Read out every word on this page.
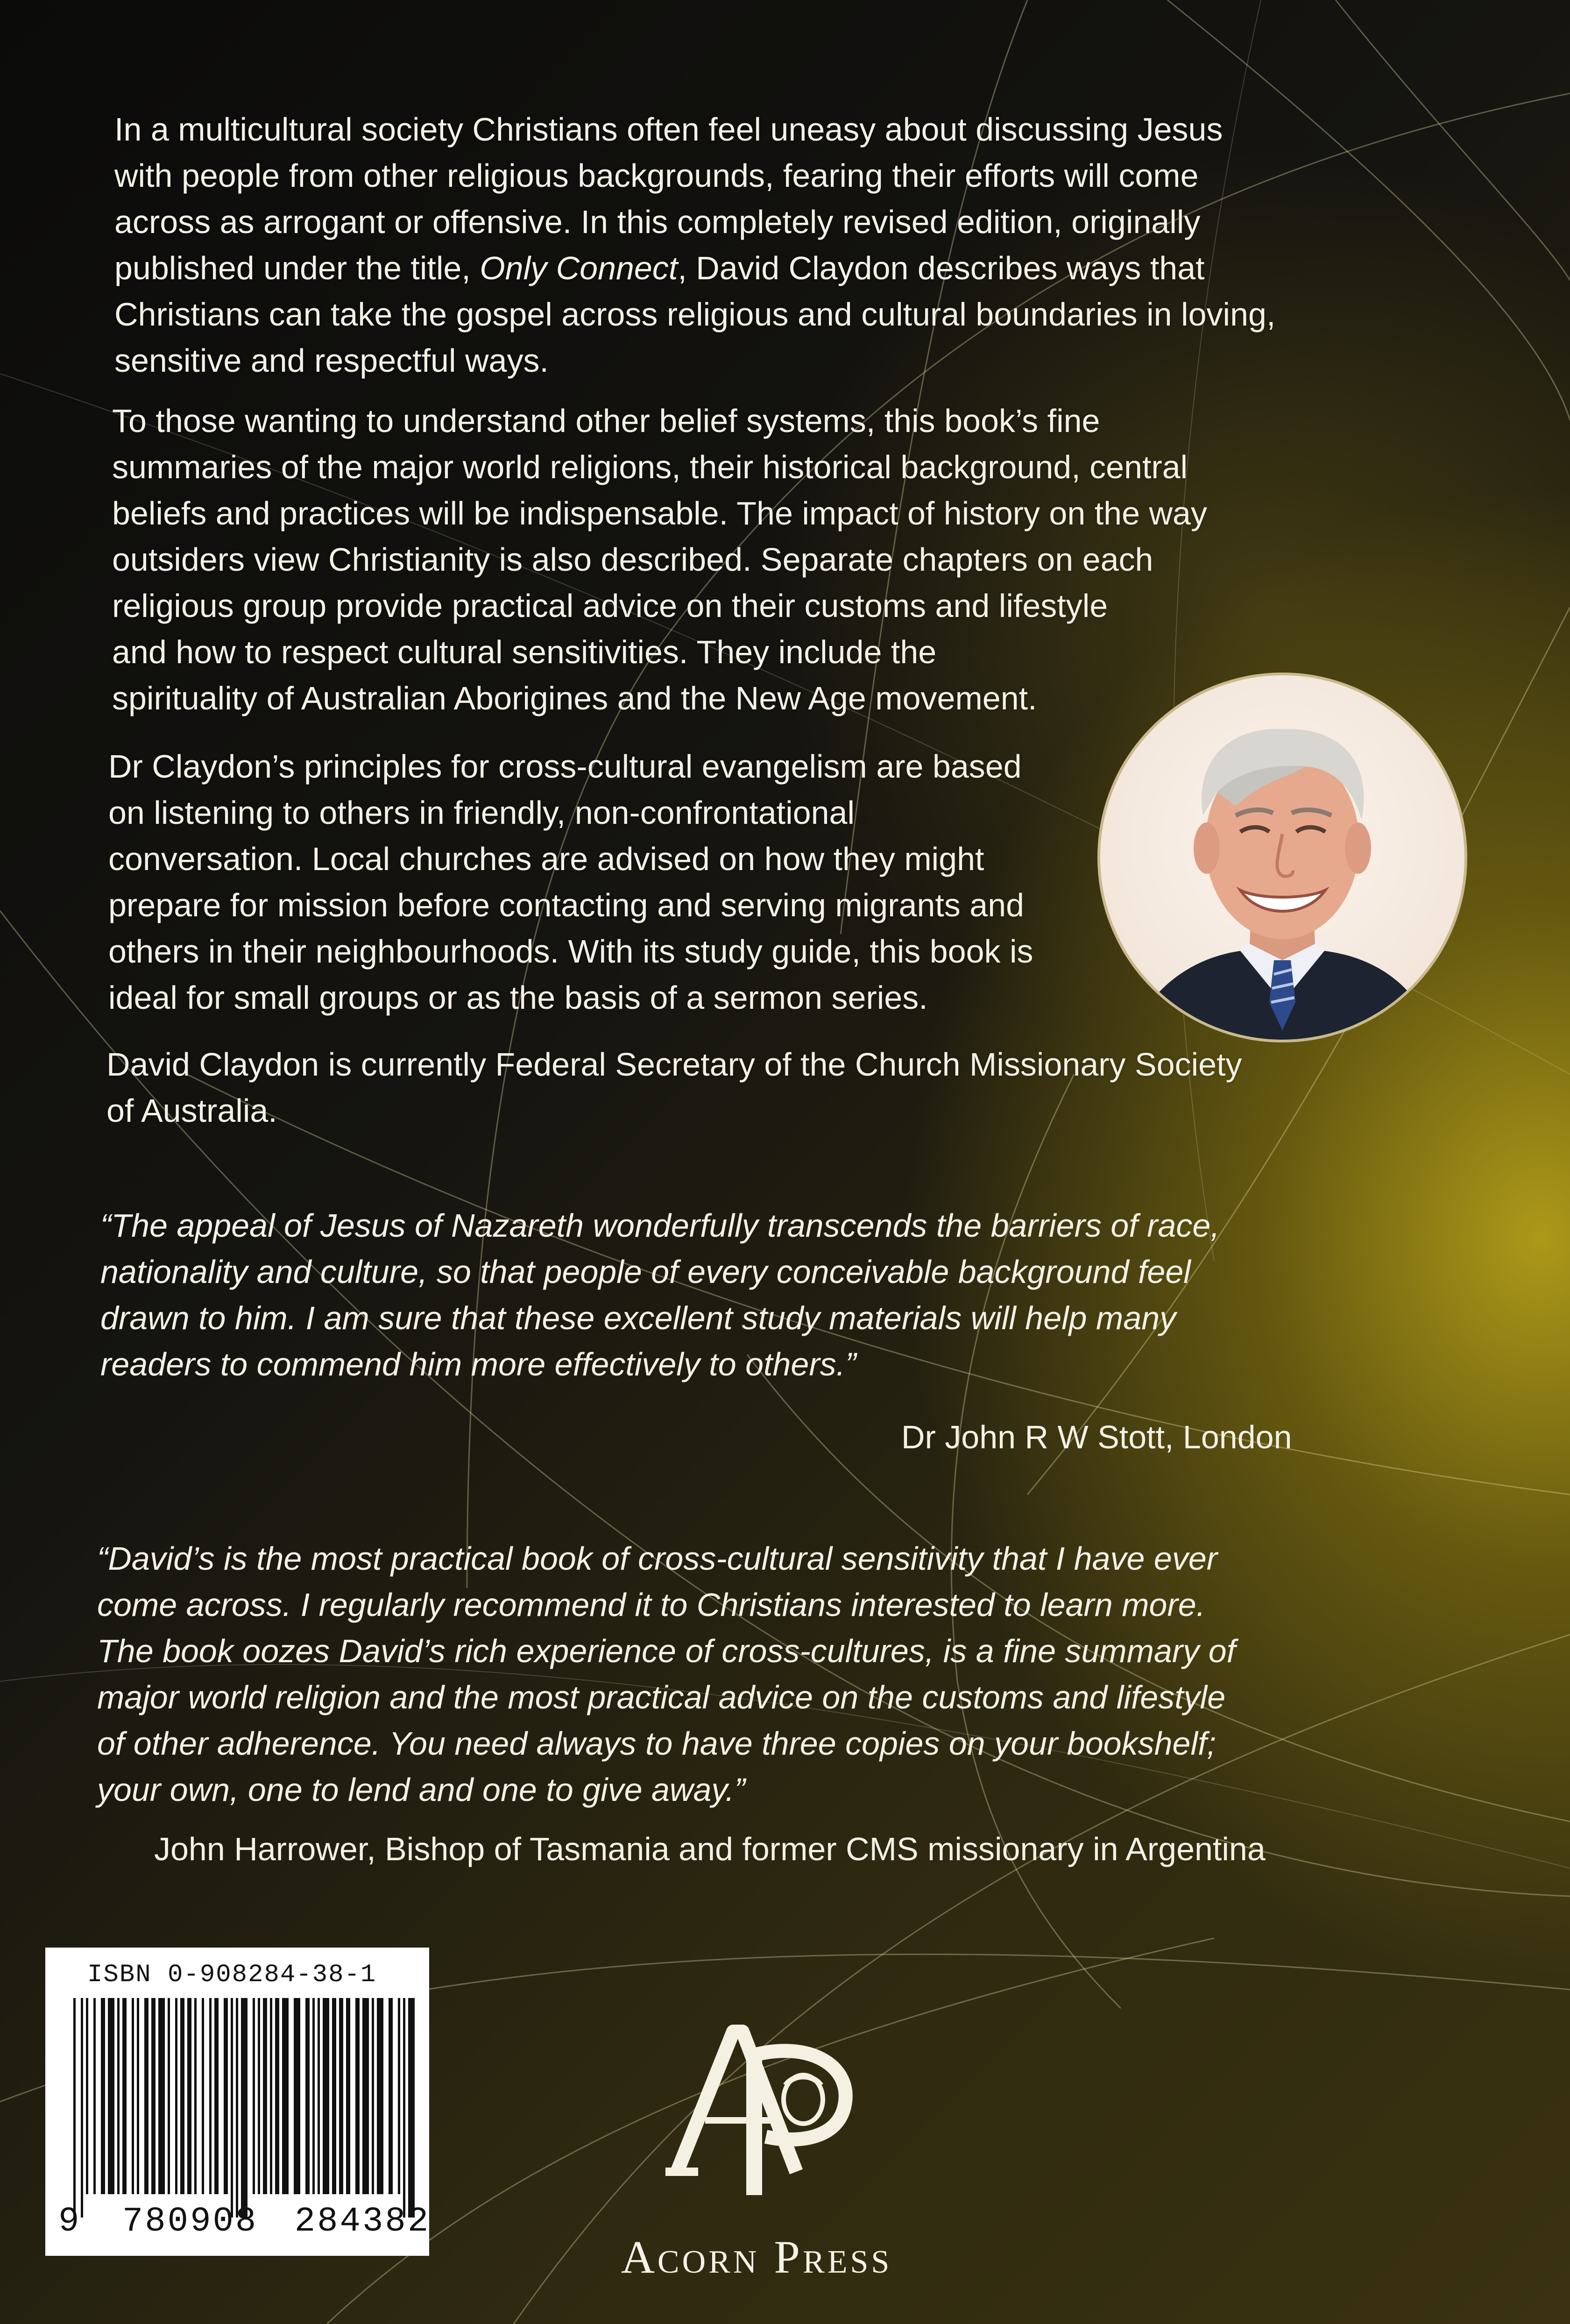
In a multicultural society Christians often feel uneasy about discussing Jesus
with people from other religious backgrounds, fearing their efforts will come
across as arrogant or offensive. In this completely revised edition, originally
published under the title, Only Connect, David Claydon describes ways that
Christians can take the gospel across religious and cultural boundaries in loving,
sensitive and respectful ways.

To those wanting to understand other belief systems, this book’s fine
summaries of the major world religions, their historical background, central
beliefs and practices will be indispensable. The impact of history on the way
outsiders view Christianity is also described. Separate chapters on each
religious group provide practical advice on their customs and lifestyle
and how to respect cultural sensitivities. They include the
spirituality of Australian Aborigines and the New Age movement.

Dr Claydon’s principles for cross-cultural evangelism are based
on listening to others in friendly, non-confrontational
conversation. Local churches are advised on how they might
prepare for mission before contacting and serving migrants and
others in their neighbourhoods. With its study guide, this book is
ideal for small groups or as the basis of a sermon series.

David Claydon is currently Federal Secretary of the Church Missionary Society
of Australia.

“The appeal of Jesus of Nazareth wonderfully transcends the barriers of race,
nationality and culture, so that people of every conceivable background feel
drawn to him. I am sure that these excellent study materials will help many
readers to commend him more effectively to others.”

Dr John R W Stott, London

“David’s is the most practical book of cross-cultural sensitivity that I have ever
come across. I regularly recommend it to Christians interested to learn more.
The book oozes David’s rich experience of cross-cultures, is a fine summary of
major world religion and the most practical advice on the customs and lifestyle
of other adherence. You need always to have three copies on your bookshelf;
your own, one to lend and one to give away.”

John Harrower, Bishop of Tasmania and former CMS missionary in Argentina

ISBN 0-908284-38-1
9 780908 284382
Acorn Press
